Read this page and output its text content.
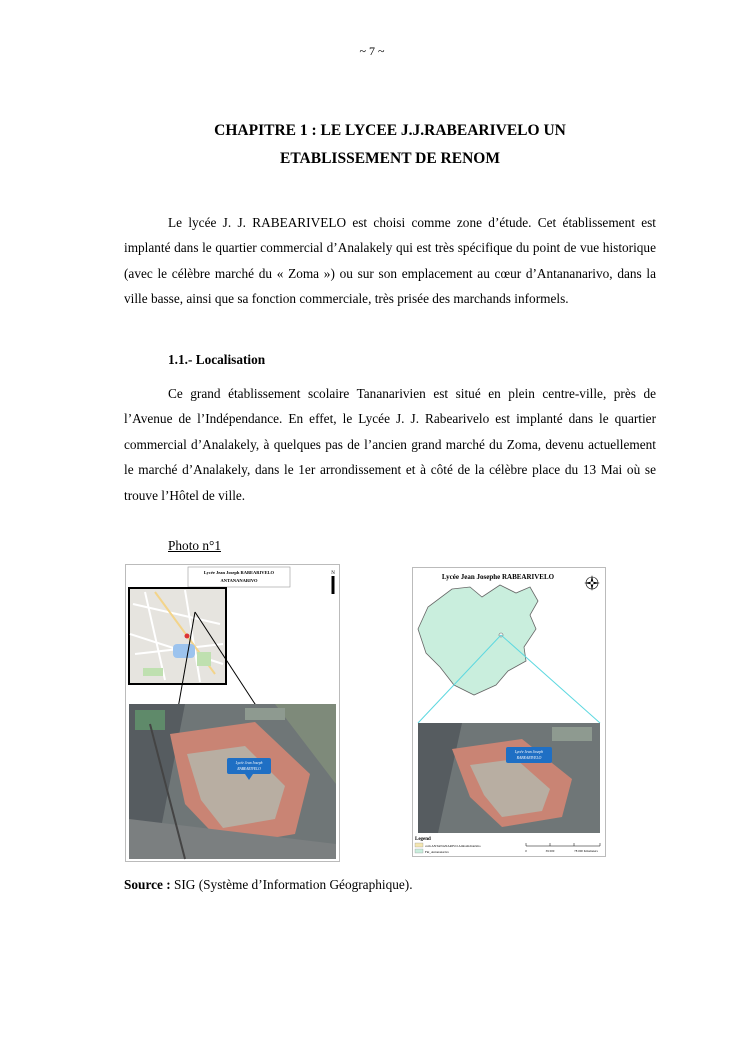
~ 7 ~
CHAPITRE 1 : LE LYCEE J.J.RABEARIVELO UN
ETABLISSEMENT DE RENOM

Le lycée J. J. RABEARIVELO est choisi comme zone d’étude. Cet établissement est implanté dans le quartier commercial d’Analakely qui est très spécifique du point de vue historique (avec le célèbre marché du « Zoma ») ou sur son emplacement au cœur d’Antananarivo, dans la ville basse, ainsi que sa fonction commerciale, très prisée des marchands informels.

1.1.- Localisation

Ce grand établissement scolaire Tananarivien est situé en plein centre-ville, près de l’Avenue de l’Indépendance. En effet, le Lycée J. J. Rabearivelo est implanté dans le quartier commercial d’Analakely, à quelques pas de l’ancien grand marché du Zoma, devenu actuellement le marché d’Analakely, dans le 1er arrondissement et à côté de la célèbre place du 13 Mai où se trouve l’Hôtel de ville.

Photo n°1
Lycée Jean Joseph RABEARIVELO
ANTANANARIVO
N
Lycée Jean Joseph
RABEARIVELO
Lycée Jean Josephe RABEARIVELO
Lycée Jean Joseph
RABEARIVELO
Legend
com ANTANANARIVO Ambohidratrimo
Fkt_Antananarivo	0	39 000	78 000 Kilometers
Source : SIG (Système d’Information Géographique).
